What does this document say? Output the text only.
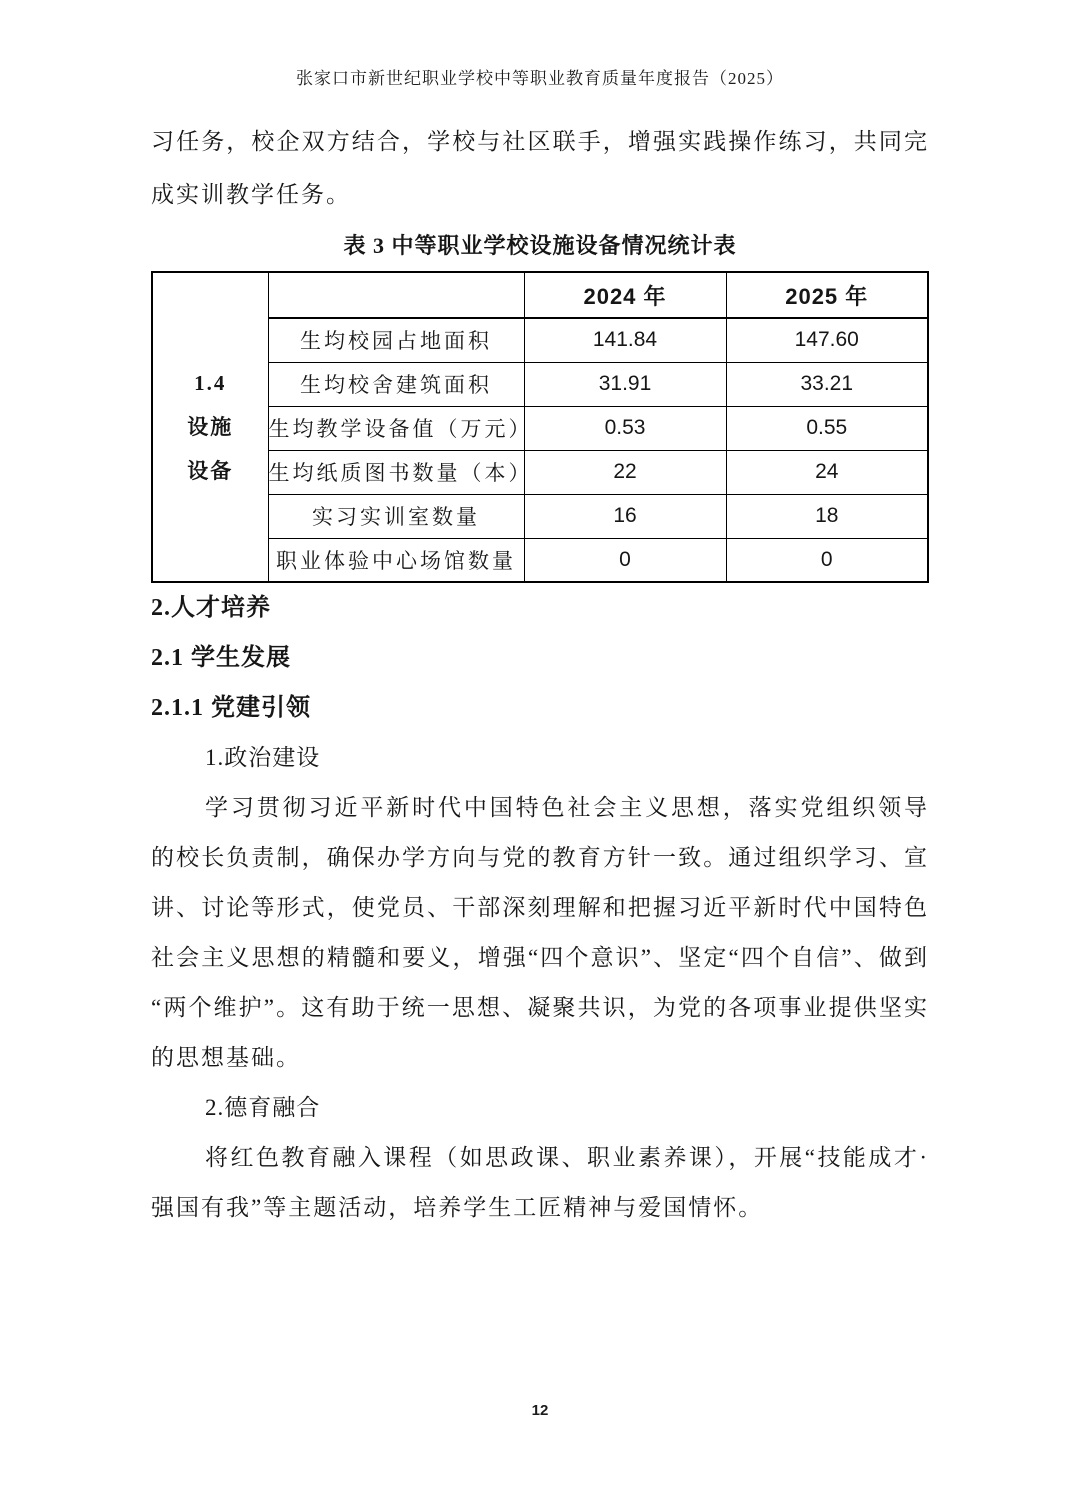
张家口市新世纪职业学校中等职业教育质量年度报告（2025）

习任务，校企双方结合，学校与社区联手，增强实践操作练习，共同完成实训教学任务。

表 3 中等职业学校设施设备情况统计表
1.4
设施
设备		2024 年	2025 年
	生均校园占地面积	141.84	147.60
	生均校舍建筑面积	31.91	33.21
	生均教学设备值（万元）	0.53	0.55
	生均纸质图书数量（本）	22	24
	实习实训室数量	16	18
	职业体验中心场馆数量	0	0
2.人才培养
2.1 学生发展
2.1.1 党建引领
1.政治建设

学习贯彻习近平新时代中国特色社会主义思想，落实党组织领导的校长负责制，确保办学方向与党的教育方针一致。通过组织学习、宣讲、讨论等形式，使党员、干部深刻理解和把握习近平新时代中国特色社会主义思想的精髓和要义，增强“四个意识”、坚定“四个自信”、做到“两个维护”。这有助于统一思想、凝聚共识，为党的各项事业提供坚实的思想基础。

2.德育融合

将红色教育融入课程（如思政课、职业素养课），开展“技能成才·强国有我”等主题活动，培养学生工匠精神与爱国情怀。

12
